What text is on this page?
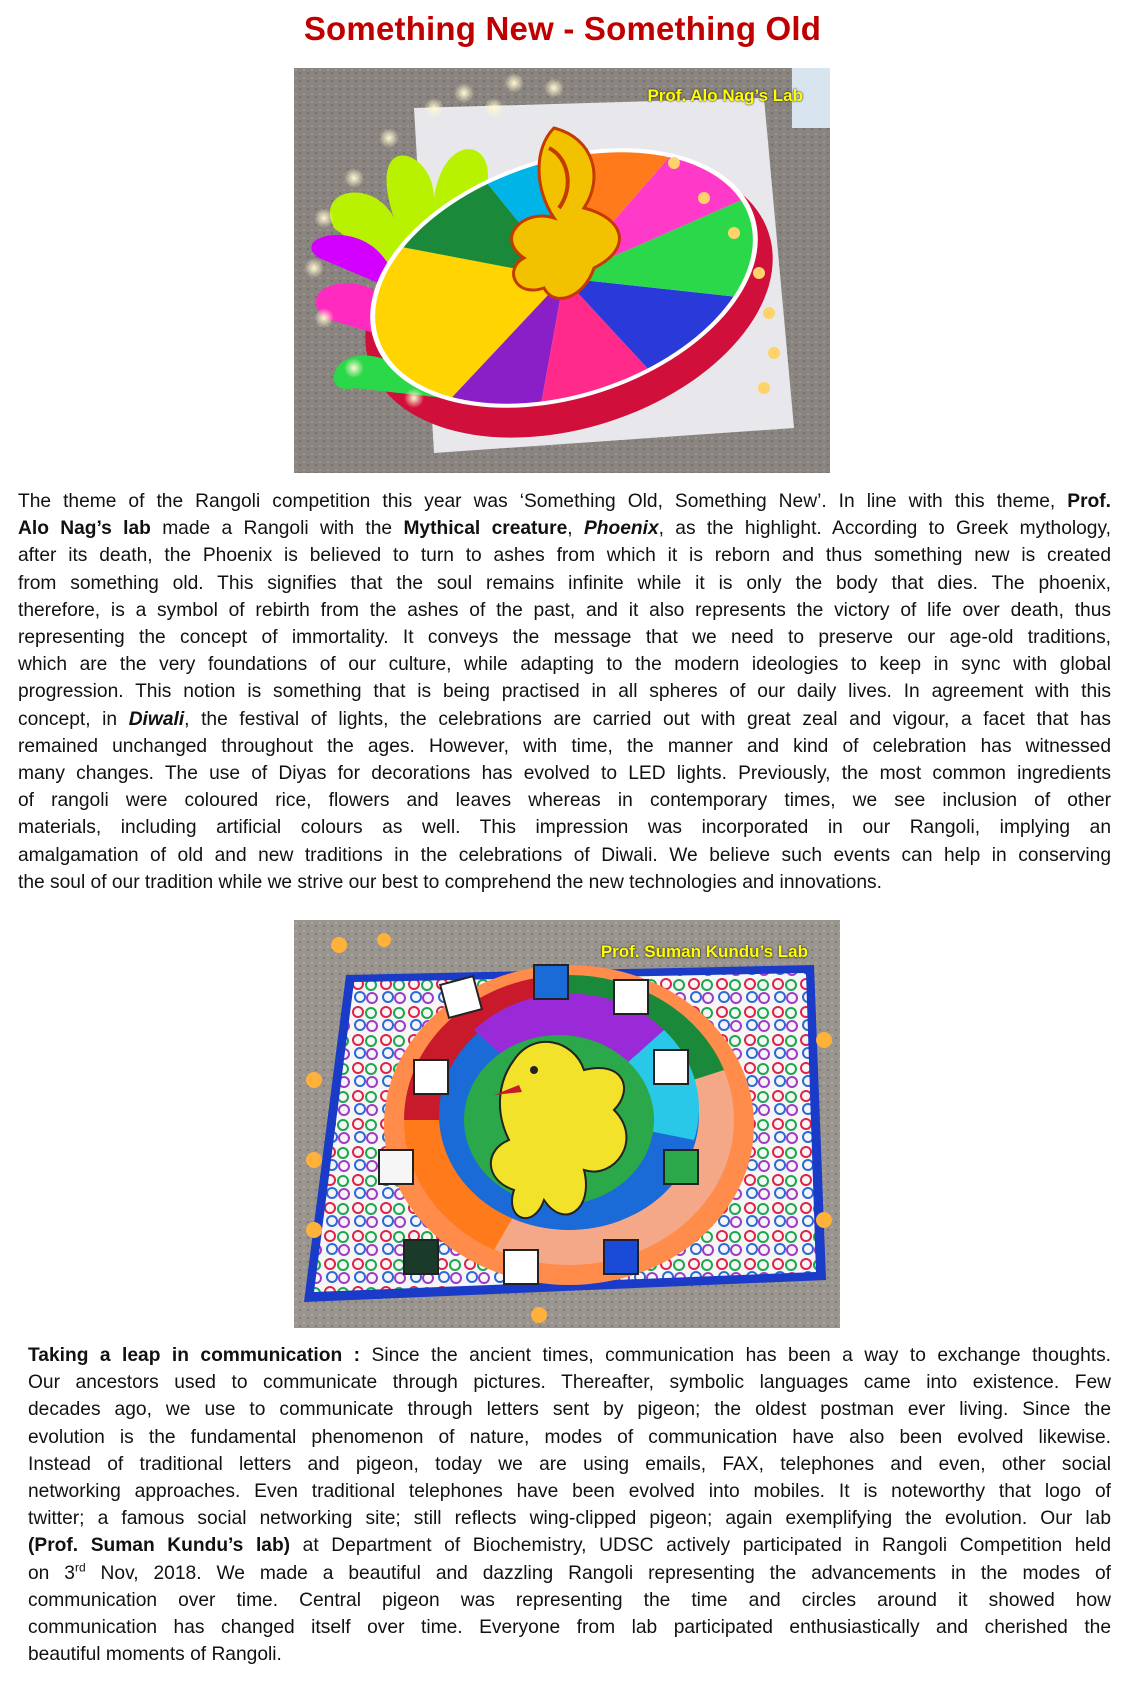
Something New - Something Old
Prof. Alo Nag’s Lab
The theme of the Rangoli competition this year was ‘Something Old, Something New’. In line with this theme, Prof.
Alo Nag’s lab made a Rangoli with the Mythical creature, Phoenix, as the highlight. According to Greek mythology,
after its death, the Phoenix is believed to turn to ashes from which it is reborn and thus something new is created
from something old. This signifies that the soul remains infinite while it is only the body that dies. The phoenix,
therefore, is a symbol of rebirth from the ashes of the past, and it also represents the victory of life over death, thus
representing the concept of immortality. It conveys the message that we need to preserve our age-old traditions,
which are the very foundations of our culture, while adapting to the modern ideologies to keep in sync with global
progression. This notion is something that is being practised in all spheres of our daily lives. In agreement with this
concept, in Diwali, the festival of lights, the celebrations are carried out with great zeal and vigour, a facet that has
remained unchanged throughout the ages. However, with time, the manner and kind of celebration has witnessed
many changes. The use of Diyas for decorations has evolved to LED lights. Previously, the most common ingredients
of rangoli were coloured rice, flowers and leaves whereas in contemporary times, we see inclusion of other
materials, including artificial colours as well. This impression was incorporated in our Rangoli, implying an
amalgamation of old and new traditions in the celebrations of Diwali. We believe such events can help in conserving
the soul of our tradition while we strive our best to comprehend the new technologies and innovations.
Prof. Suman Kundu’s Lab
Taking a leap in communication : Since the ancient times, communication has been a way to exchange thoughts.
Our ancestors used to communicate through pictures. Thereafter, symbolic languages came into existence. Few
decades ago, we use to communicate through letters sent by pigeon; the oldest postman ever living. Since the
evolution is the fundamental phenomenon of nature, modes of communication have also been evolved likewise.
Instead of traditional letters and pigeon, today we are using emails, FAX, telephones and even, other social
networking approaches. Even traditional telephones have been evolved into mobiles. It is noteworthy that logo of
twitter; a famous social networking site; still reflects wing-clipped pigeon; again exemplifying the evolution. Our lab
(Prof. Suman Kundu’s lab) at Department of Biochemistry, UDSC actively participated in Rangoli Competition held
on 3rd Nov, 2018. We made a beautiful and dazzling Rangoli representing the advancements in the modes of
communication over time. Central pigeon was representing the time and circles around it showed how
communication has changed itself over time. Everyone from lab participated enthusiastically and cherished the
beautiful moments of Rangoli.
